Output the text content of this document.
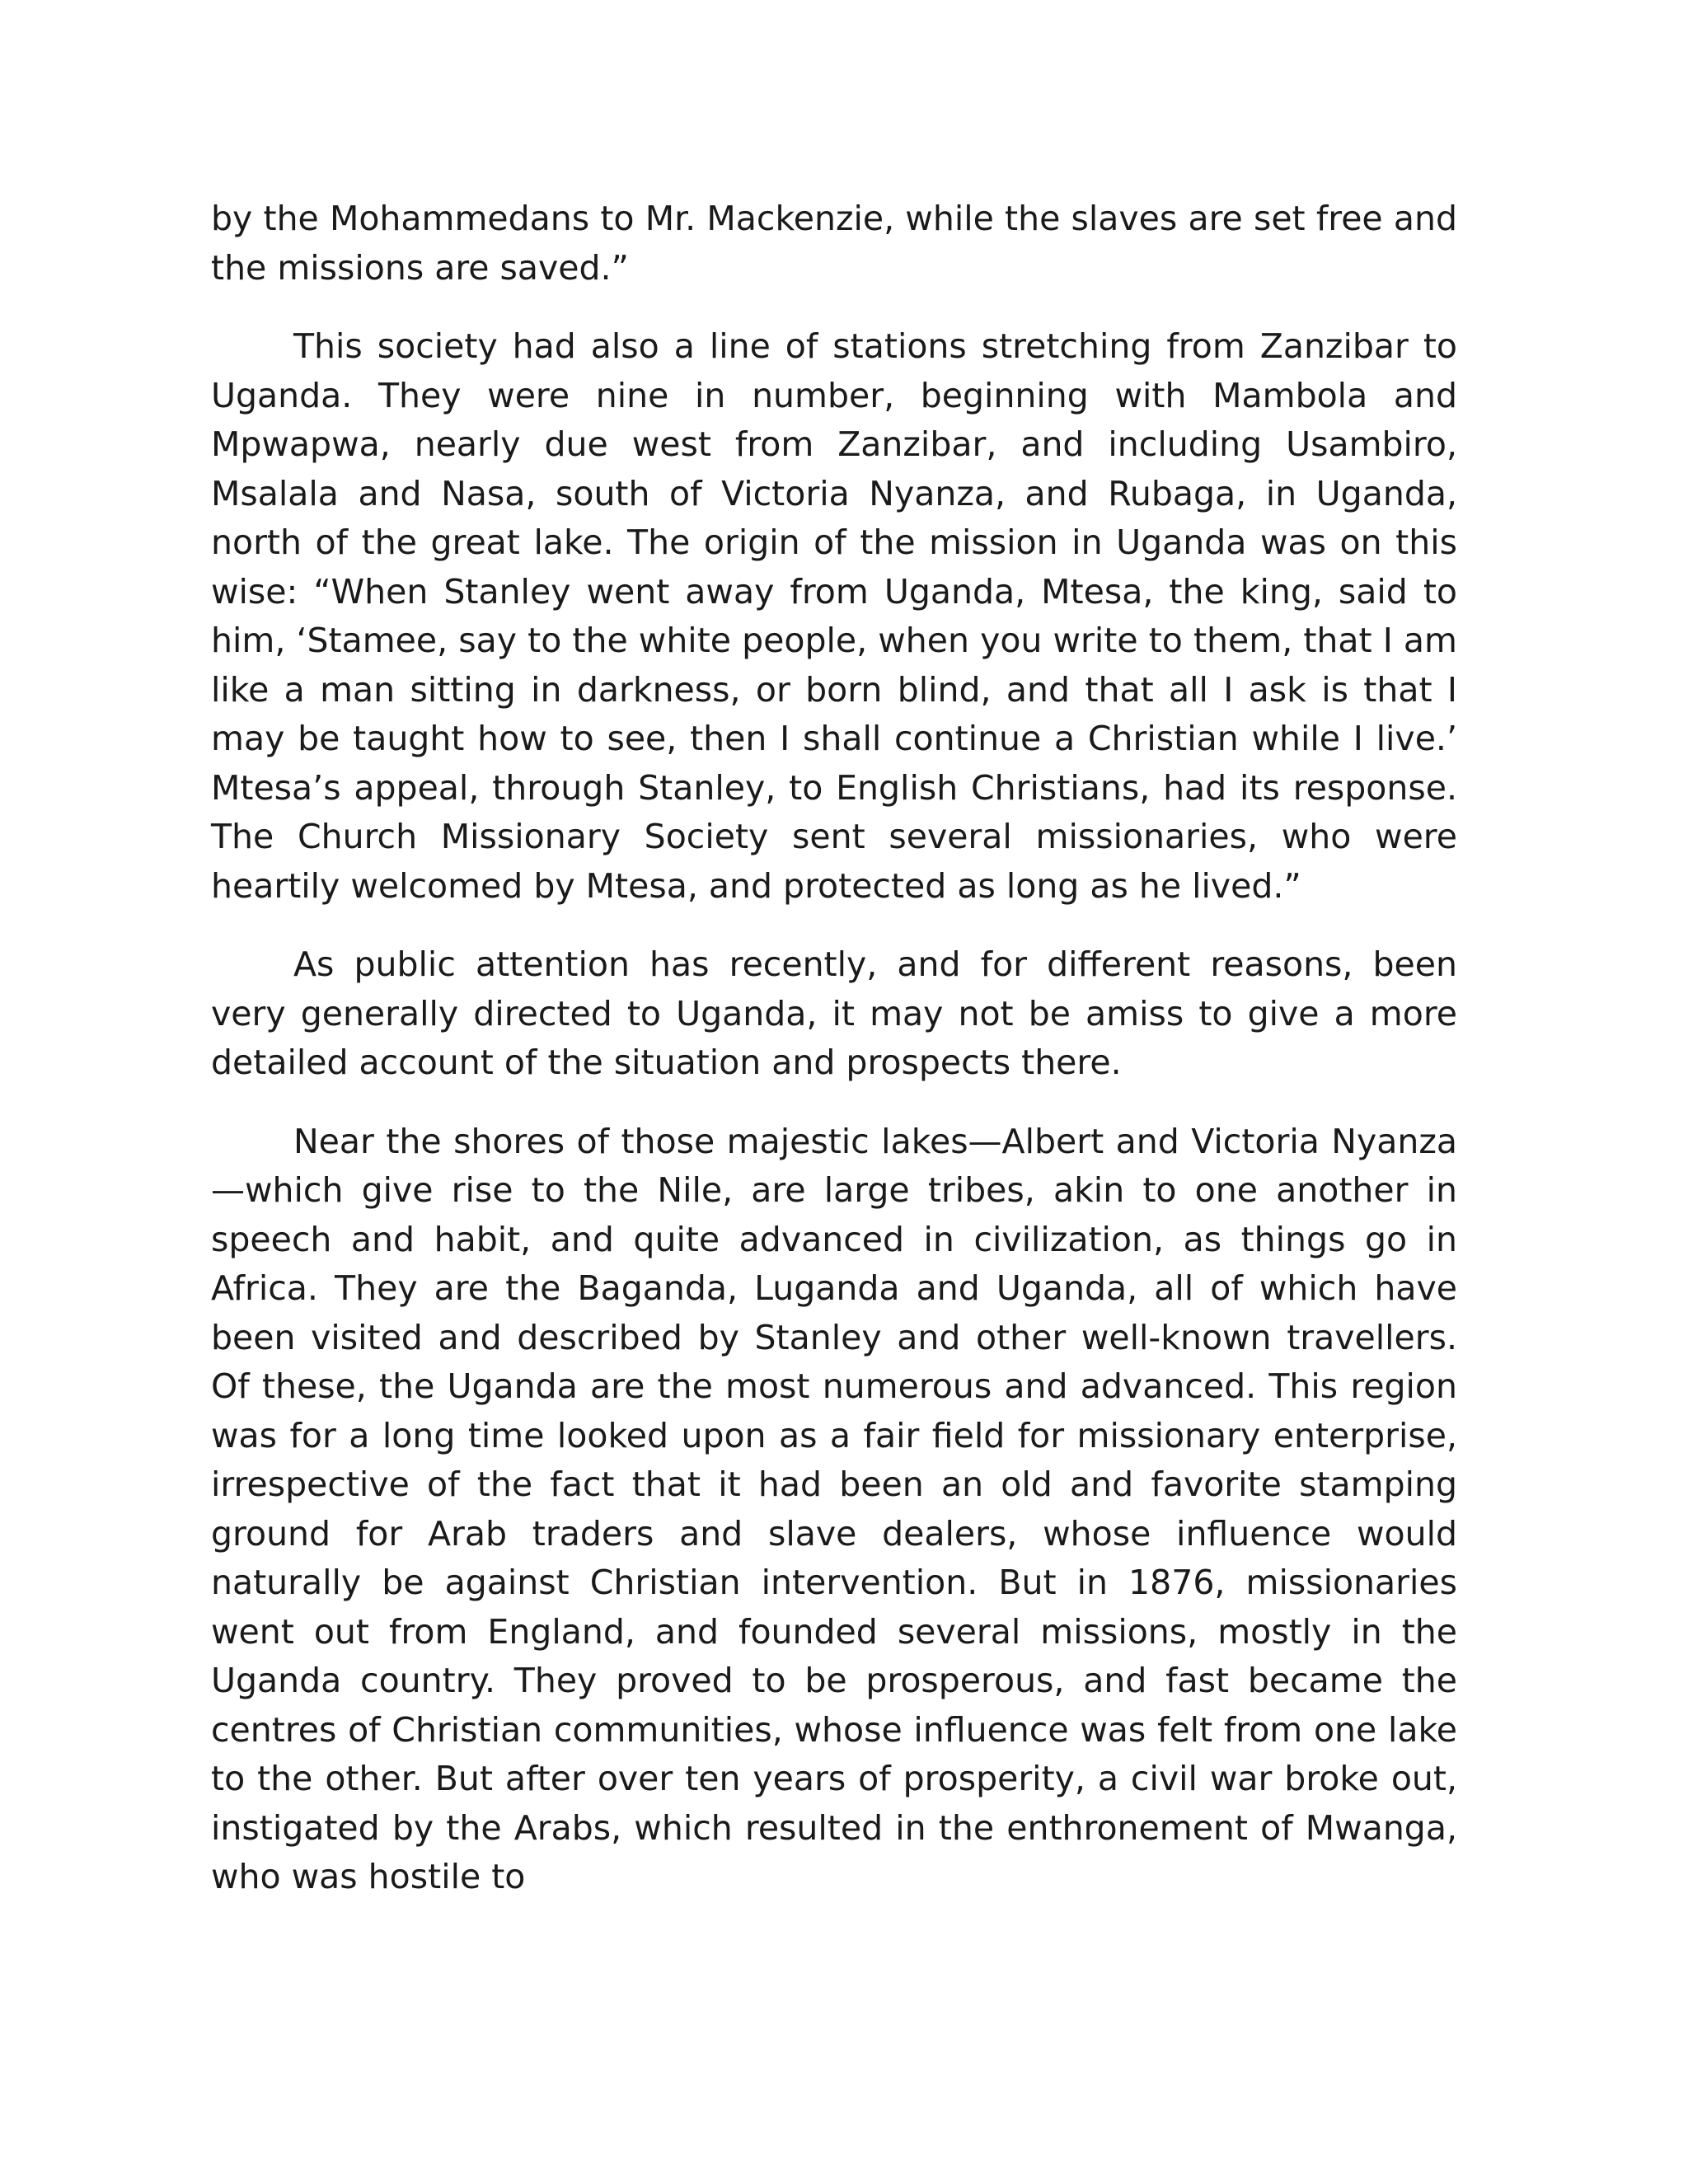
by the Mohammedans to Mr. Mackenzie, while the slaves are set free and the missions are saved.”

This society had also a line of stations stretching from Zanzibar to Uganda. They were nine in number, beginning with Mambola and Mpwapwa, nearly due west from Zanzibar, and including Usambiro, Msalala and Nasa, south of Victoria Nyanza, and Rubaga, in Uganda, north of the great lake. The origin of the mission in Uganda was on this wise: “When Stanley went away from Uganda, Mtesa, the king, said to him, ‘Stamee, say to the white people, when you write to them, that I am like a man sitting in darkness, or born blind, and that all I ask is that I may be taught how to see, then I shall continue a Christian while I live.’ Mtesa’s appeal, through Stanley, to English Christians, had its response. The Church Missionary Society sent several missionaries, who were heartily welcomed by Mtesa, and protected as long as he lived.”

As public attention has recently, and for different reasons, been very generally directed to Uganda, it may not be amiss to give a more detailed account of the situation and prospects there.

Near the shores of those majestic lakes—Albert and Victoria Nyanza—which give rise to the Nile, are large tribes, akin to one another in speech and habit, and quite advanced in civilization, as things go in Africa. They are the Baganda, Luganda and Uganda, all of which have been visited and described by Stanley and other well-known travellers. Of these, the Uganda are the most numerous and advanced. This region was for a long time looked upon as a fair field for missionary enterprise, irrespective of the fact that it had been an old and favorite stamping ground for Arab traders and slave dealers, whose influence would naturally be against Christian intervention. But in 1876, missionaries went out from England, and founded several missions, mostly in the Uganda country. They proved to be prosperous, and fast became the centres of Christian communities, whose influence was felt from one lake to the other. But after over ten years of prosperity, a civil war broke out, instigated by the Arabs, which resulted in the enthronement of Mwanga, who was hostile to
